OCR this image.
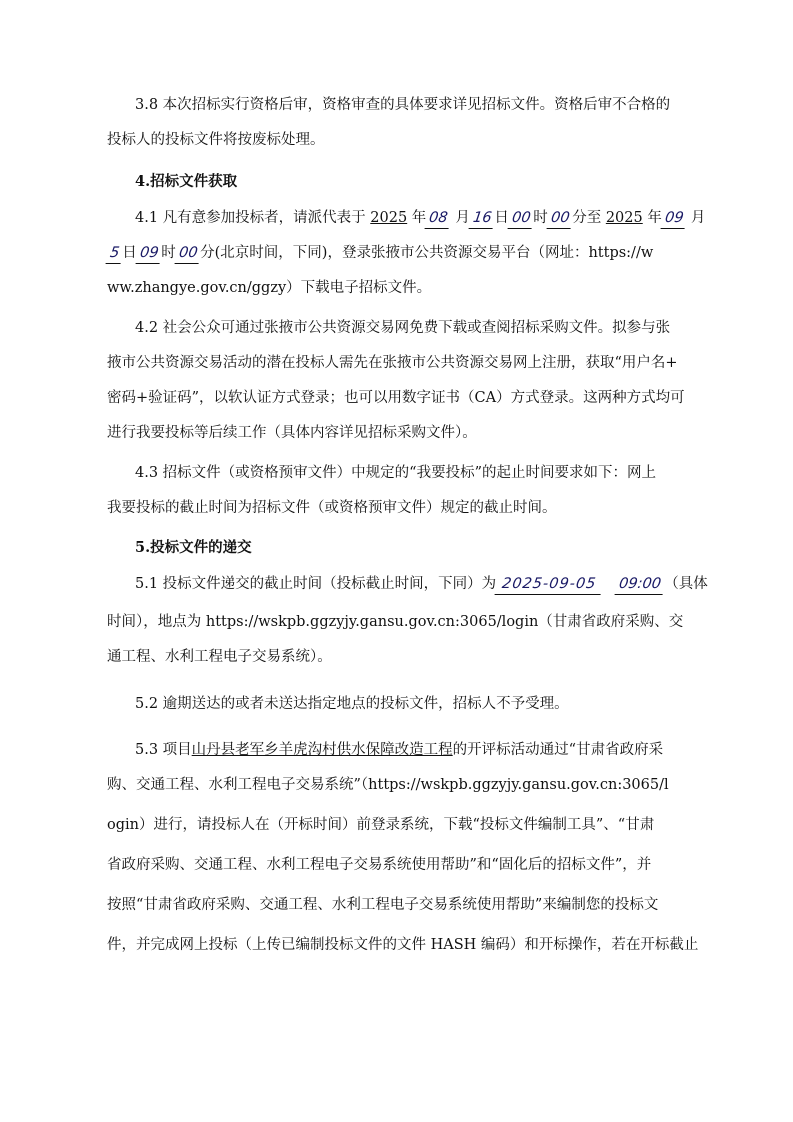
3.8 本次招标实行资格后审，资格审查的具体要求详见招标文件。资格后审不合格的
投标人的投标文件将按废标处理。
4.招标文件获取
4.1 凡有意参加投标者，请派代表于 2025 年 08 月 16 日 00 时 00 分至 2025 年 09 月
5 日 09 时 00 分(北京时间，下同)，登录张掖市公共资源交易平台（网址：https://w
ww.zhangye.gov.cn/ggzy）下载电子招标文件。
4.2 社会公众可通过张掖市公共资源交易网免费下载或查阅招标采购文件。拟参与张
掖市公共资源交易活动的潜在投标人需先在张掖市公共资源交易网上注册，获取“用户名+
密码+验证码”，以软认证方式登录；也可以用数字证书（CA）方式登录。这两种方式均可
进行我要投标等后续工作（具体内容详见招标采购文件）。
4.3 招标文件（或资格预审文件）中规定的“我要投标”的起止时间要求如下：网上
我要投标的截止时间为招标文件（或资格预审文件）规定的截止时间。
5.投标文件的递交
5.1 投标文件递交的截止时间（投标截止时间，下同）为 2025-09-05 09:00 （具体
时间），地点为 https://wskpb.ggzyjy.gansu.gov.cn:3065/login（甘肃省政府采购、交
通工程、水利工程电子交易系统）。
5.2 逾期送达的或者未送达指定地点的投标文件，招标人不予受理。
5.3 项目山丹县老军乡羊虎沟村供水保障改造工程的开评标活动通过“甘肃省政府采
购、交通工程、水利工程电子交易系统”（https://wskpb.ggzyjy.gansu.gov.cn:3065/l
ogin）进行，请投标人在（开标时间）前登录系统，下载“投标文件编制工具”、“甘肃
省政府采购、交通工程、水利工程电子交易系统使用帮助”和“固化后的招标文件”，并
按照“甘肃省政府采购、交通工程、水利工程电子交易系统使用帮助”来编制您的投标文
件，并完成网上投标（上传已编制投标文件的文件 HASH 编码）和开标操作，若在开标截止
